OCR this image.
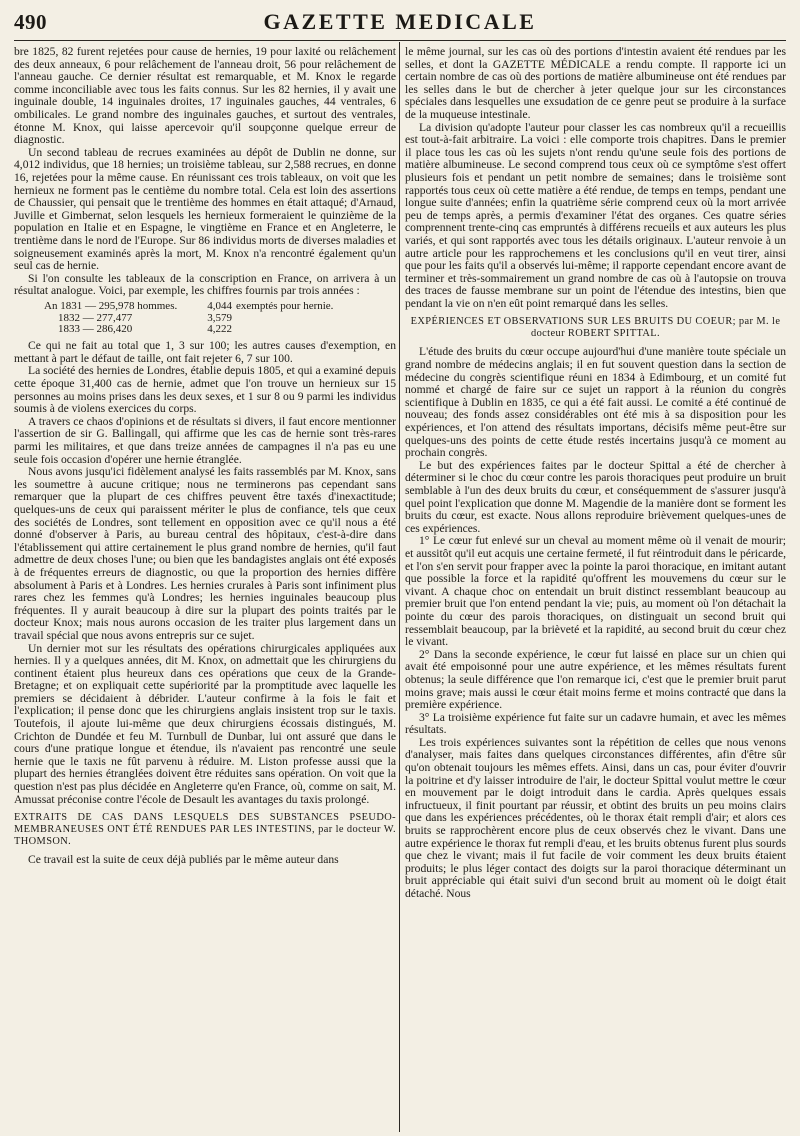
490	GAZETTE MEDICALE

bre 1825, 82 furent rejetées pour cause de hernies, 19 pour laxité ou relâchement des deux anneaux, 6 pour relâchement de l'anneau droit, 56 pour relâchement de l'anneau gauche. Ce dernier résultat est remarquable, et M. Knox le regarde comme inconciliable avec tous les faits connus. Sur les 82 hernies, il y avait une inguinale double, 14 inguinales droites, 17 inguinales gauches, 44 ventrales, 6 ombilicales. Le grand nombre des inguinales gauches, et surtout des ventrales, étonne M. Knox, qui laisse apercevoir qu'il soupçonne quelque erreur de diagnostic.

Un second tableau de recrues examinées au dépôt de Dublin ne donne, sur 4,012 individus, que 18 hernies; un troisième tableau, sur 2,588 recrues, en donne 16, rejetées pour la même cause. En réunissant ces trois tableaux, on voit que les hernieux ne forment pas le centième du nombre total. Cela est loin des assertions de Chaussier, qui pensait que le trentième des hommes en était attaqué; d'Arnaud, Juville et Gimbernat, selon lesquels les hernieux formeraient le quinzième de la population en Italie et en Espagne, le vingtième en France et en Angleterre, le trentième dans le nord de l'Europe. Sur 86 individus morts de diverses maladies et soigneusement examinés après la mort, M. Knox n'a rencontré également qu'un seul cas de hernie.

Si l'on consulte les tableaux de la conscription en France, on arrivera à un résultat analogue. Voici, par exemple, les chiffres fournis par trois années :

An 1831 — 295,978 hommes.	4,044 exemptés pour hernie.
1832 — 277,477	3,579
1833 — 286,420	4,222

Ce qui ne fait au total que 1, 3 sur 100; les autres causes d'exemption, en mettant à part le défaut de taille, ont fait rejeter 6, 7 sur 100.

La société des hernies de Londres, établie depuis 1805, et qui a examiné depuis cette époque 31,400 cas de hernie, admet que l'on trouve un hernieux sur 15 personnes au moins prises dans les deux sexes, et 1 sur 8 ou 9 parmi les individus soumis à de violens exercices du corps.

A travers ce chaos d'opinions et de résultats si divers, il faut encore mentionner l'assertion de sir G. Ballingall, qui affirme que les cas de hernie sont très-rares parmi les militaires, et que dans treize années de campagnes il n'a pas eu une seule fois occasion d'opérer une hernie étranglée.

Nous avons jusqu'ici fidèlement analysé les faits rassemblés par M. Knox, sans les soumettre à aucune critique; nous ne terminerons pas cependant sans remarquer que la plupart de ces chiffres peuvent être taxés d'inexactitude; quelques-uns de ceux qui paraissent mériter le plus de confiance, tels que ceux des sociétés de Londres, sont tellement en opposition avec ce qu'il nous a été donné d'observer à Paris, au bureau central des hôpitaux, c'est-à-dire dans l'établissement qui attire certainement le plus grand nombre de hernies, qu'il faut admettre de deux choses l'une; ou bien que les bandagistes anglais ont été exposés à de fréquentes erreurs de diagnostic, ou que la proportion des hernies diffère absolument à Paris et à Londres. Les hernies crurales à Paris sont infiniment plus rares chez les femmes qu'à Londres; les hernies inguinales beaucoup plus fréquentes. Il y aurait beaucoup à dire sur la plupart des points traités par le docteur Knox; mais nous aurons occasion de les traiter plus largement dans un travail spécial que nous avons entrepris sur ce sujet.

Un dernier mot sur les résultats des opérations chirurgicales appliquées aux hernies. Il y a quelques années, dit M. Knox, on admettait que les chirurgiens du continent étaient plus heureux dans ces opérations que ceux de la Grande-Bretagne; et on expliquait cette supériorité par la promptitude avec laquelle les premiers se décidaient à débrider. L'auteur confirme à la fois le fait et l'explication; il pense donc que les chirurgiens anglais insistent trop sur le taxis. Toutefois, il ajoute lui-même que deux chirurgiens écossais distingués, M. Crichton de Dundée et feu M. Turnbull de Dunbar, lui ont assuré que dans le cours d'une pratique longue et étendue, ils n'avaient pas rencontré une seule hernie que le taxis ne fût parvenu à réduire. M. Liston professe aussi que la plupart des hernies étranglées doivent être réduites sans opération. On voit que la question n'est pas plus décidée en Angleterre qu'en France, où, comme on sait, M. Amussat préconise contre l'école de Desault les avantages du taxis prolongé.

EXTRAITS DE CAS DANS LESQUELS DES SUBSTANCES PSEUDO-MEMBRANEUSES ONT ÉTÉ RENDUES PAR LES INTESTINS, par le docteur W. THOMSON.

Ce travail est la suite de ceux déjà publiés par le même auteur dans

le même journal, sur les cas où des portions d'intestin avaient été rendues par les selles, et dont la GAZETTE MÉDICALE a rendu compte. Il rapporte ici un certain nombre de cas où des portions de matière albumineuse ont été rendues par les selles dans le but de chercher à jeter quelque jour sur les circonstances spéciales dans lesquelles une exsudation de ce genre peut se produire à la surface de la muqueuse intestinale.

La division qu'adopte l'auteur pour classer les cas nombreux qu'il a recueillis est tout-à-fait arbitraire. La voici : elle comporte trois chapitres. Dans le premier il place tous les cas où les sujets n'ont rendu qu'une seule fois des portions de matière albumineuse. Le second comprend tous ceux où ce symptôme s'est offert plusieurs fois et pendant un petit nombre de semaines; dans le troisième sont rapportés tous ceux où cette matière a été rendue, de temps en temps, pendant une longue suite d'années; enfin la quatrième série comprend ceux où la mort arrivée peu de temps après, a permis d'examiner l'état des organes. Ces quatre séries comprennent trente-cinq cas empruntés à différens recueils et aux auteurs les plus variés, et qui sont rapportés avec tous les détails originaux. L'auteur renvoie à un autre article pour les rapprochemens et les conclusions qu'il en veut tirer, ainsi que pour les faits qu'il a observés lui-même; il rapporte cependant encore avant de terminer et très-sommairement un grand nombre de cas où à l'autopsie on trouva des traces de fausse membrane sur un point de l'étendue des intestins, bien que pendant la vie on n'en eût point remarqué dans les selles.

EXPÉRIENCES ET OBSERVATIONS SUR LES BRUITS DU COEUR; par M. le docteur ROBERT SPITTAL.

L'étude des bruits du cœur occupe aujourd'hui d'une manière toute spéciale un grand nombre de médecins anglais; il en fut souvent question dans la section de médecine du congrès scientifique réuni en 1834 à Edimbourg, et un comité fut nommé et chargé de faire sur ce sujet un rapport à la réunion du congrès scientifique à Dublin en 1835, ce qui a été fait aussi. Le comité a été continué de nouveau; des fonds assez considérables ont été mis à sa disposition pour les expériences, et l'on attend des résultats importans, décisifs même peut-être sur quelques-uns des points de cette étude restés incertains jusqu'à ce moment au prochain congrès.

Le but des expériences faites par le docteur Spittal a été de chercher à déterminer si le choc du cœur contre les parois thoraciques peut produire un bruit semblable à l'un des deux bruits du cœur, et conséquemment de s'assurer jusqu'à quel point l'explication que donne M. Magendie de la manière dont se forment les bruits du cœur, est exacte. Nous allons reproduire brièvement quelques-unes de ces expériences.

1° Le cœur fut enlevé sur un cheval au moment même où il venait de mourir; et aussitôt qu'il eut acquis une certaine fermeté, il fut réintroduit dans le péricarde, et l'on s'en servit pour frapper avec la pointe la paroi thoracique, en imitant autant que possible la force et la rapidité qu'offrent les mouvemens du cœur sur le vivant. A chaque choc on entendait un bruit distinct ressemblant beaucoup au premier bruit que l'on entend pendant la vie; puis, au moment où l'on détachait la pointe du cœur des parois thoraciques, on distinguait un second bruit qui ressemblait beaucoup, par la brièveté et la rapidité, au second bruit du cœur chez le vivant.

2° Dans la seconde expérience, le cœur fut laissé en place sur un chien qui avait été empoisonné pour une autre expérience, et les mêmes résultats furent obtenus; la seule différence que l'on remarque ici, c'est que le premier bruit parut moins grave; mais aussi le cœur était moins ferme et moins contracté que dans la première expérience.

3° La troisième expérience fut faite sur un cadavre humain, et avec les mêmes résultats.

Les trois expériences suivantes sont la répétition de celles que nous venons d'analyser, mais faites dans quelques circonstances différentes, afin d'être sûr qu'on obtenait toujours les mêmes effets. Ainsi, dans un cas, pour éviter d'ouvrir la poitrine et d'y laisser introduire de l'air, le docteur Spittal voulut mettre le cœur en mouvement par le doigt introduit dans le cardia. Après quelques essais infructueux, il finit pourtant par réussir, et obtint des bruits un peu moins clairs que dans les expériences précédentes, où le thorax était rempli d'air; et alors ces bruits se rapprochèrent encore plus de ceux observés chez le vivant. Dans une autre expérience le thorax fut rempli d'eau, et les bruits obtenus furent plus sourds que chez le vivant; mais il fut facile de voir comment les deux bruits étaient produits; le plus léger contact des doigts sur la paroi thoracique déterminant un bruit appréciable qui était suivi d'un second bruit au moment où le doigt était détaché. Nous
